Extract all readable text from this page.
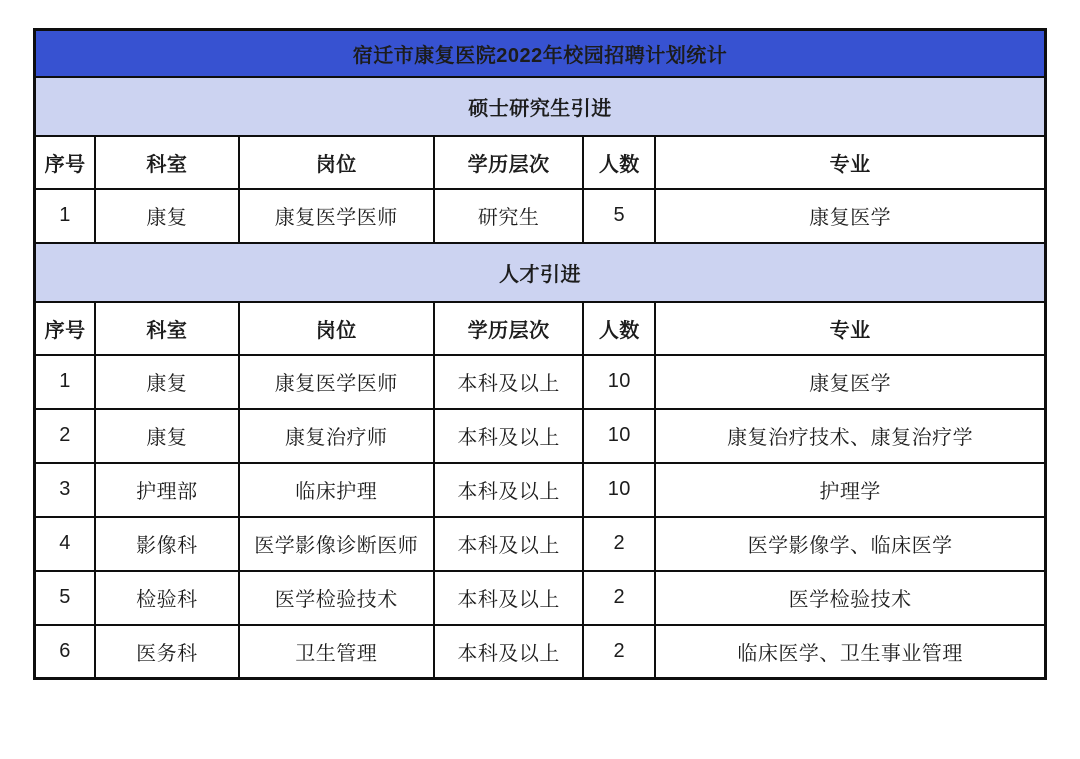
宿迁市康复医院2022年校园招聘计划统计					
硕士研究生引进					
序号	科室	岗位	学历层次	人数	专业
1	康复	康复医学医师	研究生	5	康复医学
人才引进					
序号	科室	岗位	学历层次	人数	专业
1	康复	康复医学医师	本科及以上	10	康复医学
2	康复	康复治疗师	本科及以上	10	康复治疗技术、康复治疗学
3	护理部	临床护理	本科及以上	10	护理学
4	影像科	医学影像诊断医师	本科及以上	2	医学影像学、临床医学
5	检验科	医学检验技术	本科及以上	2	医学检验技术
6	医务科	卫生管理	本科及以上	2	临床医学、卫生事业管理
